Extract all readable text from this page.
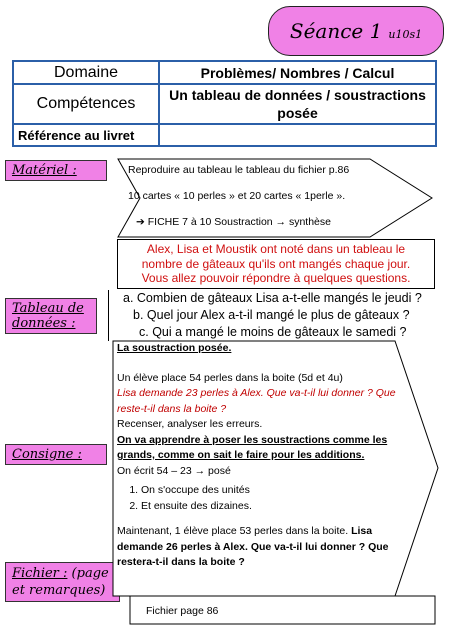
Séance 1 u10s1
Domaine	Problèmes/ Nombres / Calcul
Compétences	Un tableau de données / soustractions posée
Référence au livret	
Matériel :
Tableau de données :
Consigne :
Fichier : (page et remarques)

Reproduire au tableau le tableau du fichier p.86

10 cartes « 10 perles » et 20 cartes « 1perle ».

➔ FICHE 7 à 10 Soustraction → synthèse

Alex, Lisa et Moustik ont noté dans un tableau le
nombre de gâteaux qu'ils ont mangés chaque jour.
Vous allez pouvoir répondre à quelques questions.
a. Combien de gâteaux Lisa a-t-elle mangés le jeudi ?
b. Quel jour Alex a-t-il mangé le plus de gâteaux ?
c. Qui a mangé le moins de gâteaux le samedi ?

La soustraction posée.

Un élève place 54 perles dans la boite (5d et 4u)

Lisa demande 23 perles à Alex. Que va-t-il lui donner ? Que reste-t-il dans la boite ?

Recenser, analyser les erreurs.

On va apprendre à poser les soustractions comme les grands, comme on sait le faire pour les additions.

On écrit 54 – 23 → posé

1. On s'occupe des unités
2. Et ensuite des dizaines.

Maintenant, 1 élève place 53 perles dans la boite. Lisa demande 26 perles à Alex. Que va-t-il lui donner ? Que restera-t-il dans la boite ?

Fichier page 86
